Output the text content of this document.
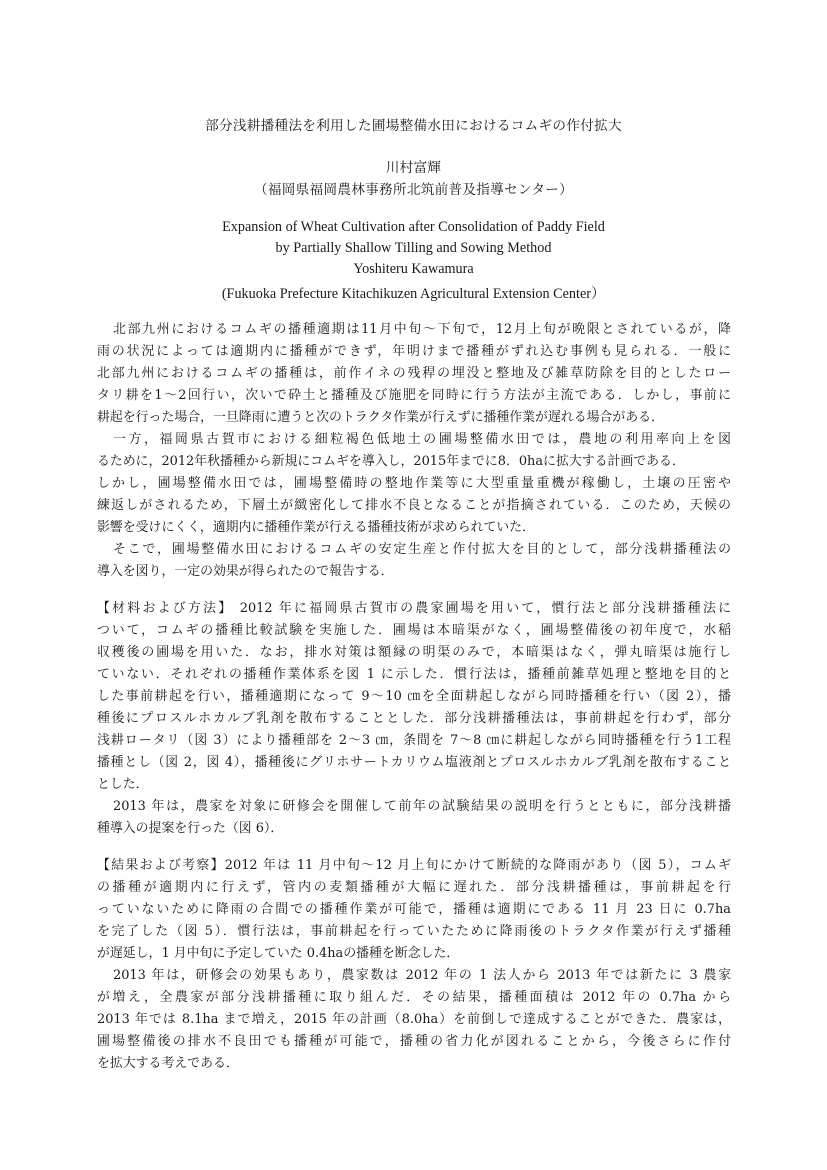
部分浅耕播種法を利用した圃場整備水田におけるコムギの作付拡大
川村富輝
（福岡県福岡農林事務所北筑前普及指導センター）
Expansion of Wheat Cultivation after Consolidation of Paddy Field
by Partially Shallow Tilling and Sowing Method
Yoshiteru Kawamura
(Fukuoka Prefecture Kitachikuzen Agricultural Extension Center）
北部九州におけるコムギの播種適期は11月中旬～下旬で，12月上旬が晩限とされているが，降
雨の状況によっては適期内に播種ができず，年明けまで播種がずれ込む事例も見られる．一般に
北部九州におけるコムギの播種は，前作イネの残稈の埋没と整地及び雑草防除を目的としたロー
タリ耕を1～2回行い，次いで砕土と播種及び施肥を同時に行う方法が主流である．しかし，事前に
耕起を行った場合，一旦降雨に遭うと次のトラクタ作業が行えずに播種作業が遅れる場合がある．
一方，福岡県古賀市における細粒褐色低地土の圃場整備水田では，農地の利用率向上を図
るために，2012年秋播種から新規にコムギを導入し，2015年までに8．0haに拡大する計画である．
しかし，圃場整備水田では，圃場整備時の整地作業等に大型重量重機が稼働し，土壌の圧密や
練返しがされるため，下層土が緻密化して排水不良となることが指摘されている．このため，天候の
影響を受けにくく，適期内に播種作業が行える播種技術が求められていた．
そこで，圃場整備水田におけるコムギの安定生産と作付拡大を目的として，部分浅耕播種法の
導入を図り，一定の効果が得られたので報告する．
【材料および方法】 2012 年に福岡県古賀市の農家圃場を用いて，慣行法と部分浅耕播種法に
ついて，コムギの播種比較試験を実施した．圃場は本暗渠がなく，圃場整備後の初年度で，水稲
収穫後の圃場を用いた．なお，排水対策は額縁の明渠のみで，本暗渠はなく，弾丸暗渠は施行し
ていない．それぞれの播種作業体系を図 1 に示した．慣行法は，播種前雑草処理と整地を目的と
した事前耕起を行い，播種適期になって 9～10 ㎝を全面耕起しながら同時播種を行い（図 2），播
種後にプロスルホカルブ乳剤を散布することとした．部分浅耕播種法は，事前耕起を行わず，部分
浅耕ロータリ（図 3）により播種部を 2～3 ㎝，条間を 7～8 ㎝に耕起しながら同時播種を行う1工程
播種とし（図 2，図 4），播種後にグリホサートカリウム塩液剤とプロスルホカルブ乳剤を散布すること
とした．
2013 年は，農家を対象に研修会を開催して前年の試験結果の説明を行うとともに，部分浅耕播
種導入の提案を行った（図 6）．
【結果および考察】2012 年は 11 月中旬～12 月上旬にかけて断続的な降雨があり（図 5），コムギ
の播種が適期内に行えず，管内の麦類播種が大幅に遅れた．部分浅耕播種は，事前耕起を行
っていないために降雨の合間での播種作業が可能で，播種は適期にである 11 月 23 日に 0.7ha
を完了した（図 5）．慣行法は，事前耕起を行っていたために降雨後のトラクタ作業が行えず播種
が遅延し，1 月中旬に予定していた 0.4haの播種を断念した．
2013 年は，研修会の効果もあり，農家数は 2012 年の 1 法人から 2013 年では新たに 3 農家
が増え，全農家が部分浅耕播種に取り組んだ．その結果，播種面積は 2012 年の 0.7ha から
2013 年では 8.1ha まで増え，2015 年の計画（8.0ha）を前倒しで達成することができた．農家は，
圃場整備後の排水不良田でも播種が可能で，播種の省力化が図れることから，今後さらに作付
を拡大する考えである．
